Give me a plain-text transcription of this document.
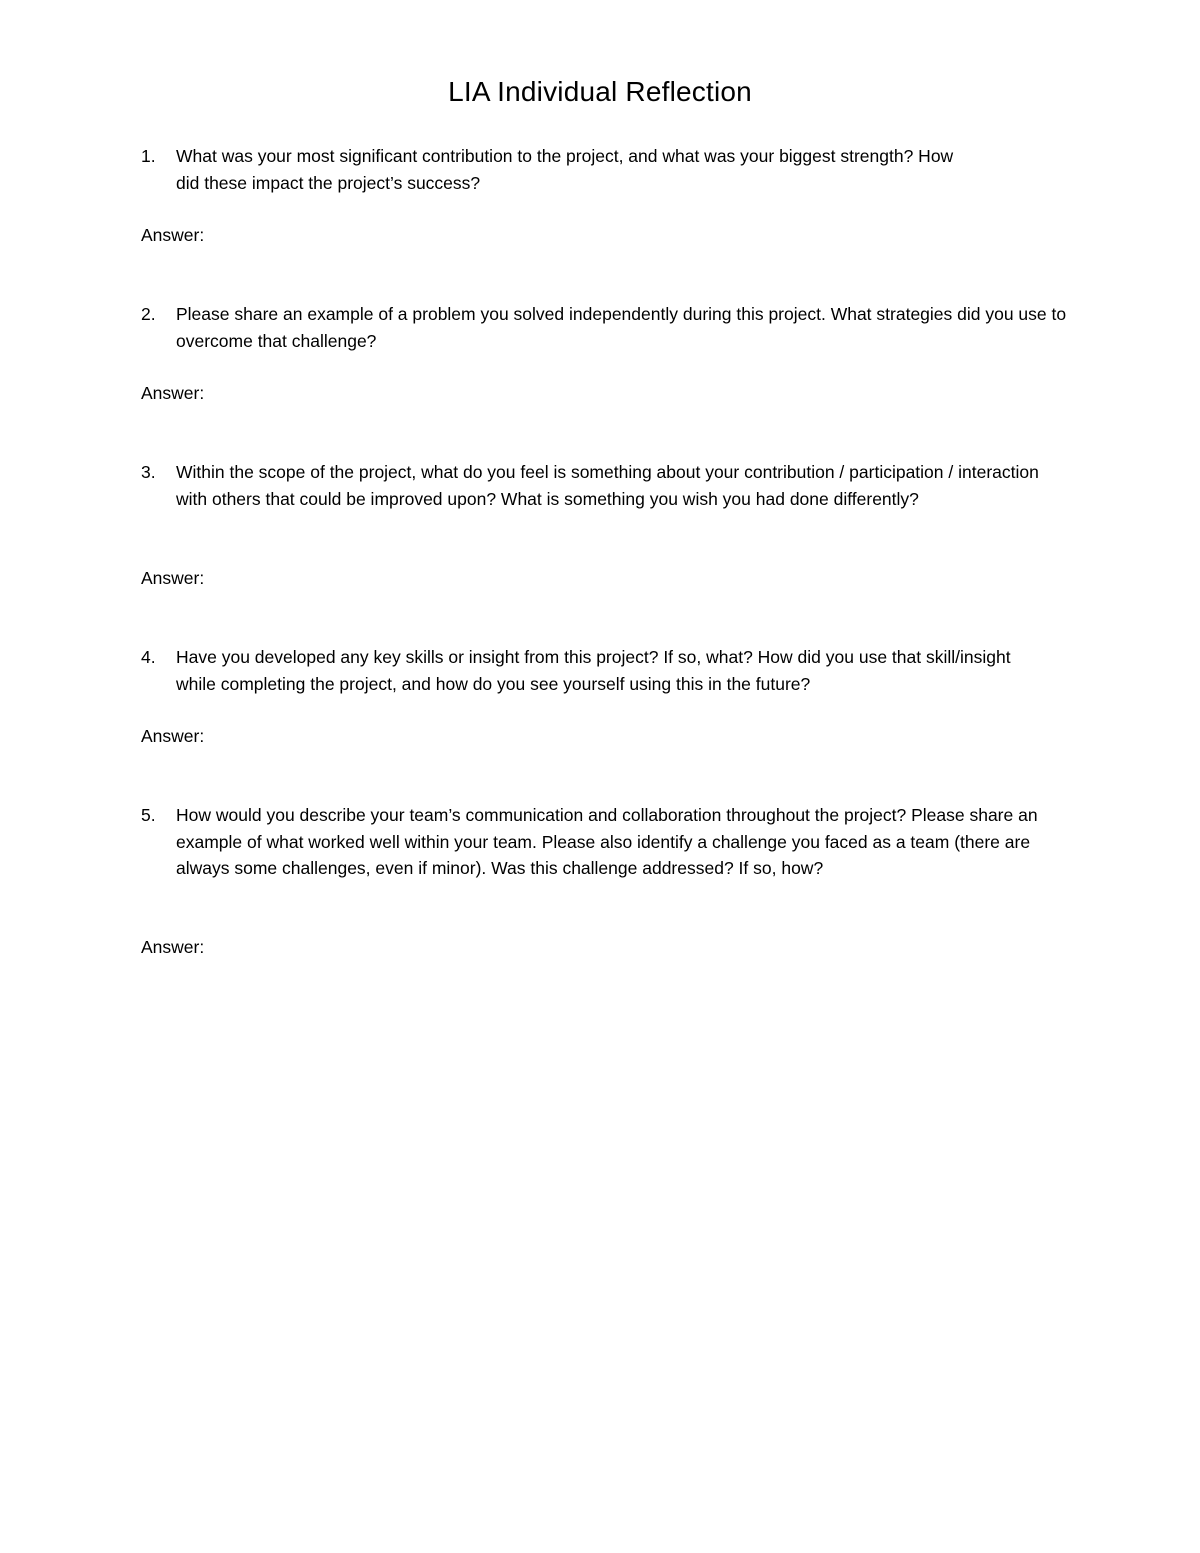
LIA Individual Reflection
1.	What was your most significant contribution to the project, and what was your biggest strength? How did these impact the project’s success?
Answer:
2.	Please share an example of a problem you solved independently during this project. What strategies did you use to overcome that challenge?
Answer:
3.	Within the scope of the project, what do you feel is something about your contribution / participation / interaction with others that could be improved upon? What is something you wish you had done differently?
Answer:
4.	Have you developed any key skills or insight from this project? If so, what? How did you use that skill/insight while completing the project, and how do you see yourself using this in the future?
Answer:
5.	How would you describe your team’s communication and collaboration throughout the project? Please share an example of what worked well within your team. Please also identify a challenge you faced as a team (there are always some challenges, even if minor). Was this challenge addressed? If so, how?
Answer:
